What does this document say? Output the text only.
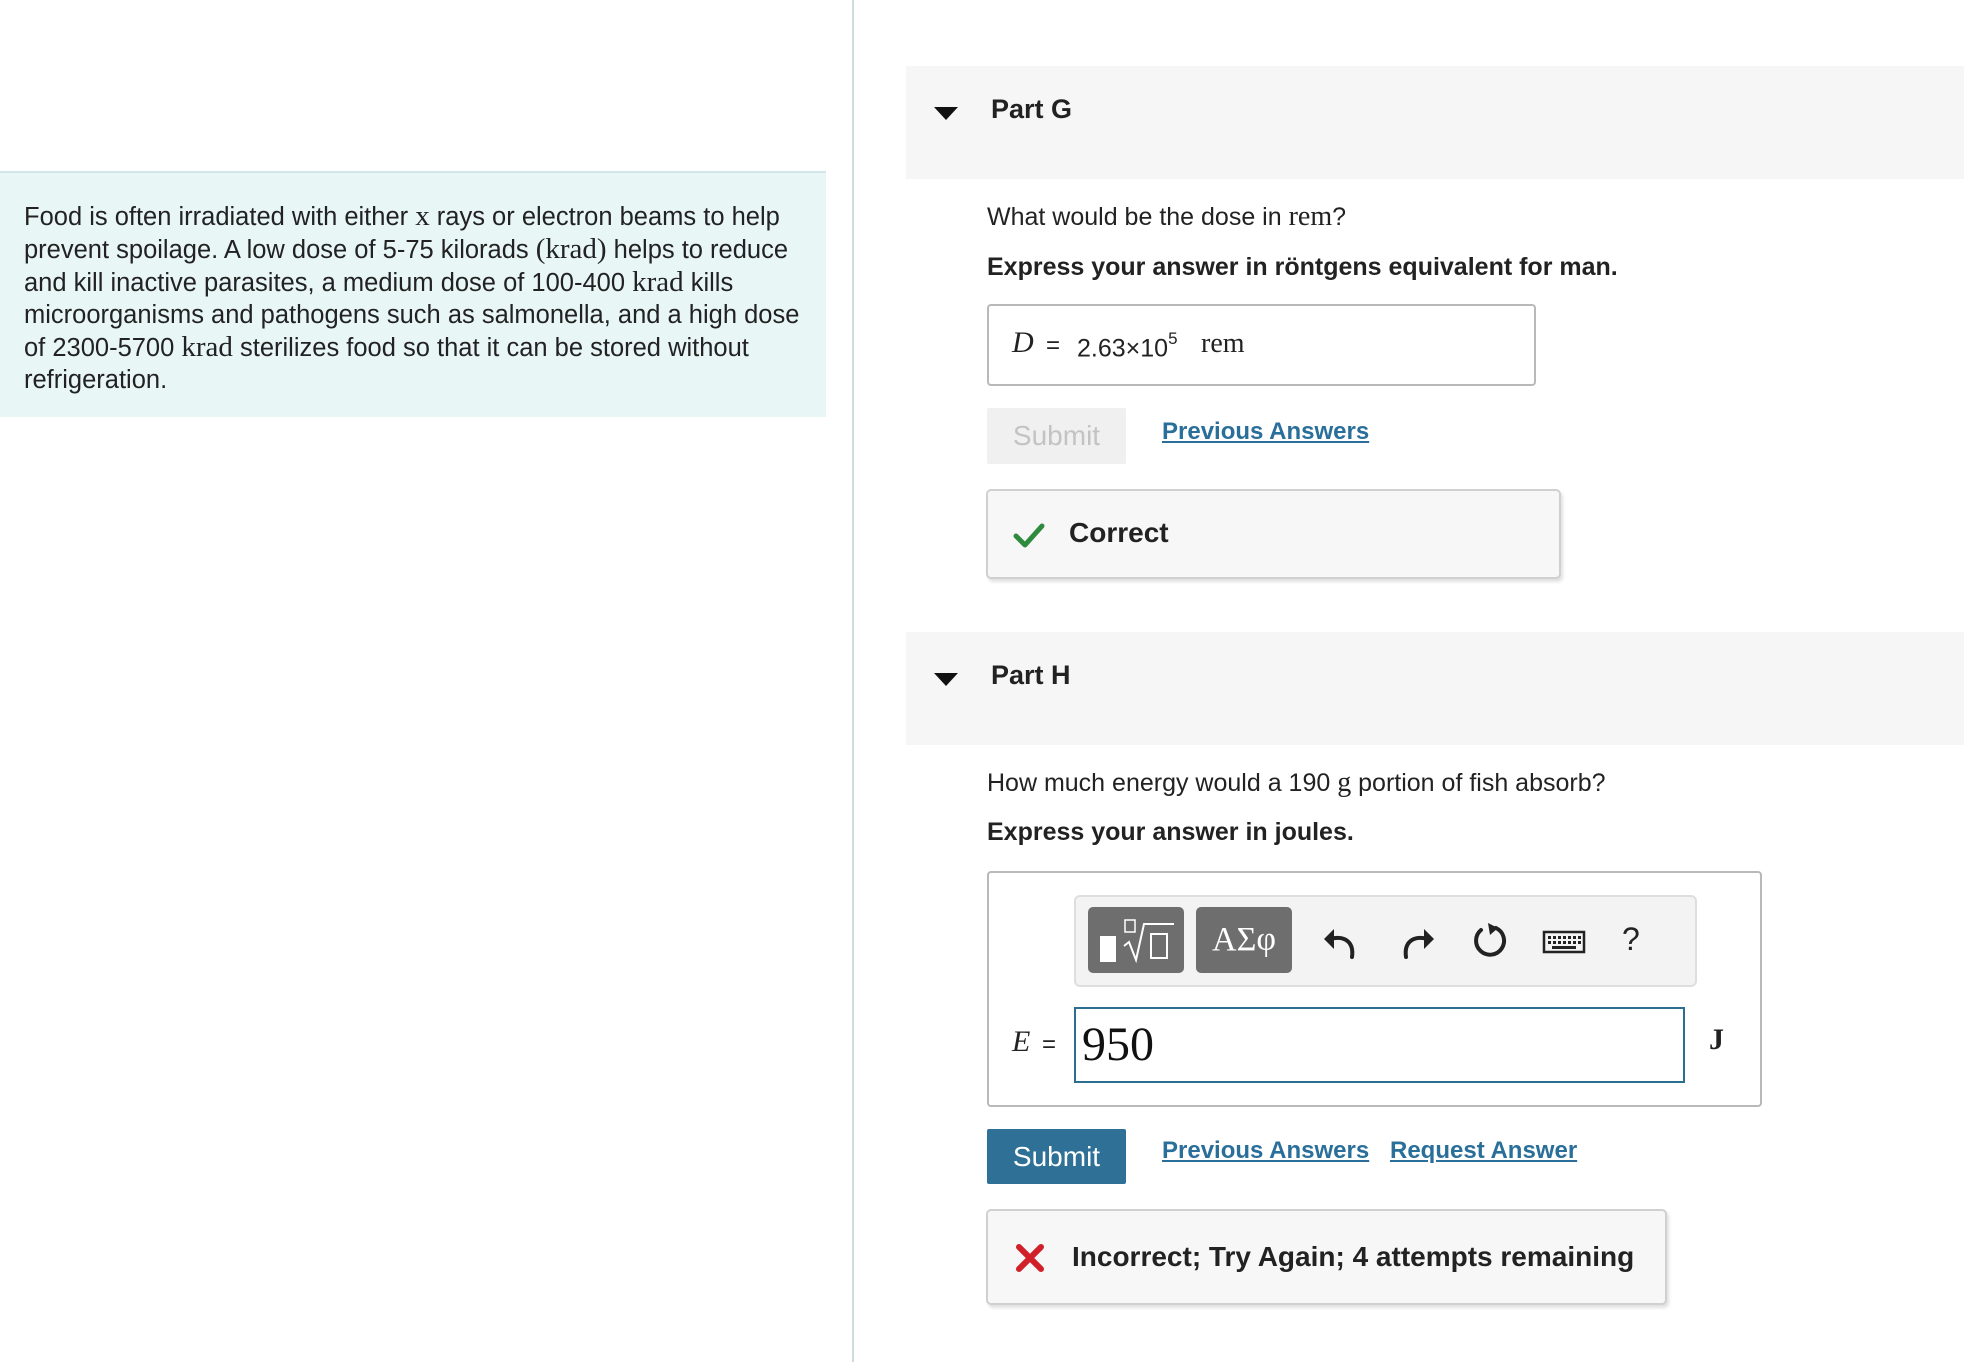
Food is often irradiated with either x rays or electron beams to help prevent spoilage. A low dose of 5-75 kilorads (krad) helps to reduce and kill inactive parasites, a medium dose of 100-400 krad kills microorganisms and pathogens such as salmonella, and a high dose of 2300-5700 krad sterilizes food so that it can be stored without refrigeration.
Part G
What would be the dose in rem?
Express your answer in röntgens equivalent for man.
$D = 2.63\times 10^5$ rem
Submit	Previous Answers
Correct
Part H
How much energy would a 190 g portion of fish absorb?
Express your answer in joules.
ΑΣφ	?
E = 950	J
Submit	Previous Answers Request Answer
Incorrect; Try Again; 4 attempts remaining
